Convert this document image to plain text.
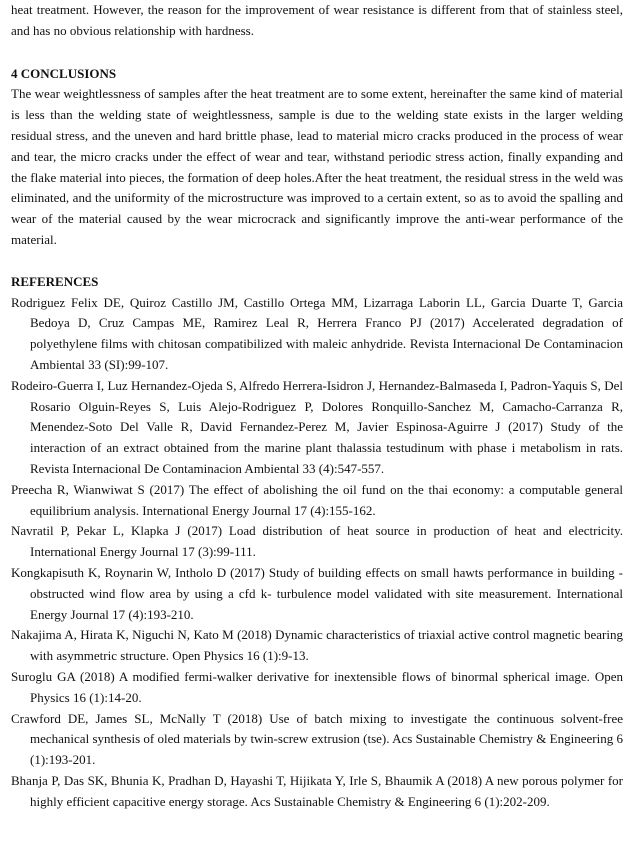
heat treatment. However, the reason for the improvement of wear resistance is different from that of stainless steel, and has no obvious relationship with hardness.

4 CONCLUSIONS

The wear weightlessness of samples after the heat treatment are to some extent, hereinafter the same kind of material is less than the welding state of weightlessness, sample is due to the welding state exists in the larger welding residual stress, and the uneven and hard brittle phase, lead to material micro cracks produced in the process of wear and tear, the micro cracks under the effect of wear and tear, withstand periodic stress action, finally expanding and the flake material into pieces, the formation of deep holes.After the heat treatment, the residual stress in the weld was eliminated, and the uniformity of the microstructure was improved to a certain extent, so as to avoid the spalling and wear of the material caused by the wear microcrack and significantly improve the anti-wear performance of the material.

REFERENCES
Rodriguez Felix DE, Quiroz Castillo JM, Castillo Ortega MM, Lizarraga Laborin LL, Garcia Duarte T, Garcia Bedoya D, Cruz Campas ME, Ramirez Leal R, Herrera Franco PJ (2017) Accelerated degradation of polyethylene films with chitosan compatibilized with maleic anhydride. Revista Internacional De Contaminacion Ambiental 33 (SI):99-107.
Rodeiro-Guerra I, Luz Hernandez-Ojeda S, Alfredo Herrera-Isidron J, Hernandez-Balmaseda I, Padron-Yaquis S, Del Rosario Olguin-Reyes S, Luis Alejo-Rodriguez P, Dolores Ronquillo-Sanchez M, Camacho-Carranza R, Menendez-Soto Del Valle R, David Fernandez-Perez M, Javier Espinosa-Aguirre J (2017) Study of the interaction of an extract obtained from the marine plant thalassia testudinum with phase i metabolism in rats. Revista Internacional De Contaminacion Ambiental 33 (4):547-557.
Preecha R, Wianwiwat S (2017) The effect of abolishing the oil fund on the thai economy: a computable general equilibrium analysis. International Energy Journal 17 (4):155-162.
Navratil P, Pekar L, Klapka J (2017) Load distribution of heat source in production of heat and electricity. International Energy Journal 17 (3):99-111.
Kongkapisuth K, Roynarin W, Intholo D (2017) Study of building effects on small hawts performance in building - obstructed wind flow area by using a cfd k- turbulence model validated with site measurement. International Energy Journal 17 (4):193-210.
Nakajima A, Hirata K, Niguchi N, Kato M (2018) Dynamic characteristics of triaxial active control magnetic bearing with asymmetric structure. Open Physics 16 (1):9-13.
Suroglu GA (2018) A modified fermi-walker derivative for inextensible flows of binormal spherical image. Open Physics 16 (1):14-20.
Crawford DE, James SL, McNally T (2018) Use of batch mixing to investigate the continuous solvent-free mechanical synthesis of oled materials by twin-screw extrusion (tse). Acs Sustainable Chemistry & Engineering 6 (1):193-201.
Bhanja P, Das SK, Bhunia K, Pradhan D, Hayashi T, Hijikata Y, Irle S, Bhaumik A (2018) A new porous polymer for highly efficient capacitive energy storage. Acs Sustainable Chemistry & Engineering 6 (1):202-209.
